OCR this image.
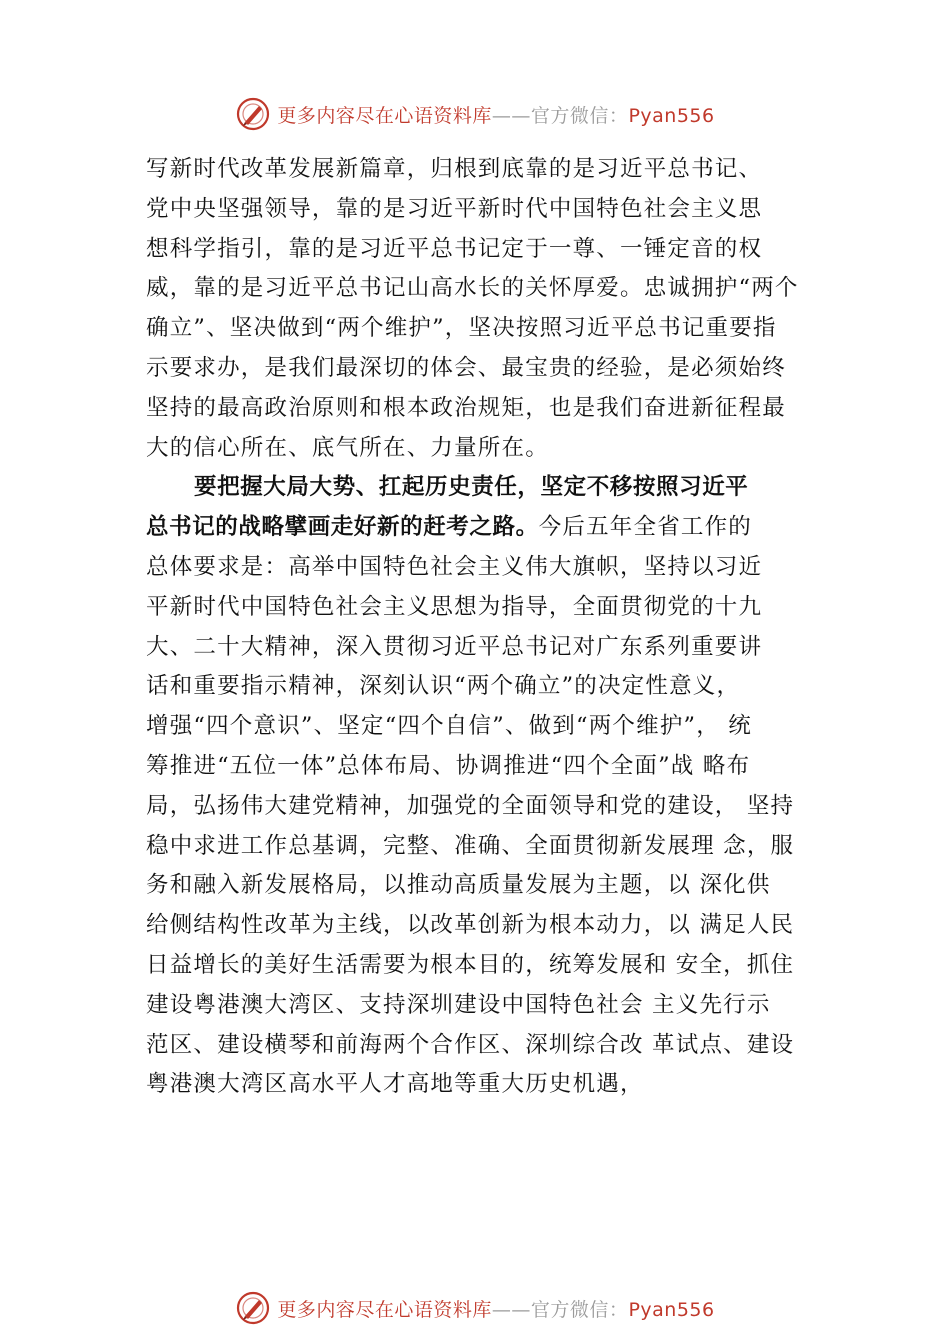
更多内容尽在心语资料库——官方微信：Pyan556
写新时代改革发展新篇章，归根到底靠的是习近平总书记、
党中央坚强领导，靠的是习近平新时代中国特色社会主义思
想科学指引，靠的是习近平总书记定于一尊、一锤定音的权
威，靠的是习近平总书记山高水长的关怀厚爱。忠诚拥护“两个
确立”、坚决做到“两个维护”，坚决按照习近平总书记重要指
示要求办，是我们最深切的体会、最宝贵的经验，是必须始终
坚持的最高政治原则和根本政治规矩，也是我们奋进新征程最
大的信心所在、底气所在、力量所在。
要把握大局大势、扛起历史责任，坚定不移按照习近平
总书记的战略擘画走好新的赶考之路。今后五年全省工作的
总体要求是：高举中国特色社会主义伟大旗帜，坚持以习近
平新时代中国特色社会主义思想为指导，全面贯彻党的十九
大、二十大精神，深入贯彻习近平总书记对广东系列重要讲
话和重要指示精神，深刻认识“两个确立”的决定性意义，
增强“四个意识”、坚定“四个自信”、做到“两个维护”， 统
筹推进“五位一体”总体布局、协调推进“四个全面”战 略布
局，弘扬伟大建党精神，加强党的全面领导和党的建设， 坚持
稳中求进工作总基调，完整、准确、全面贯彻新发展理 念，服
务和融入新发展格局，以推动高质量发展为主题，以 深化供
给侧结构性改革为主线，以改革创新为根本动力，以 满足人民
日益增长的美好生活需要为根本目的，统筹发展和 安全，抓住
建设粤港澳大湾区、支持深圳建设中国特色社会 主义先行示
范区、建设横琴和前海两个合作区、深圳综合改 革试点、建设
粤港澳大湾区高水平人才高地等重大历史机遇，
更多内容尽在心语资料库——官方微信：Pyan556
